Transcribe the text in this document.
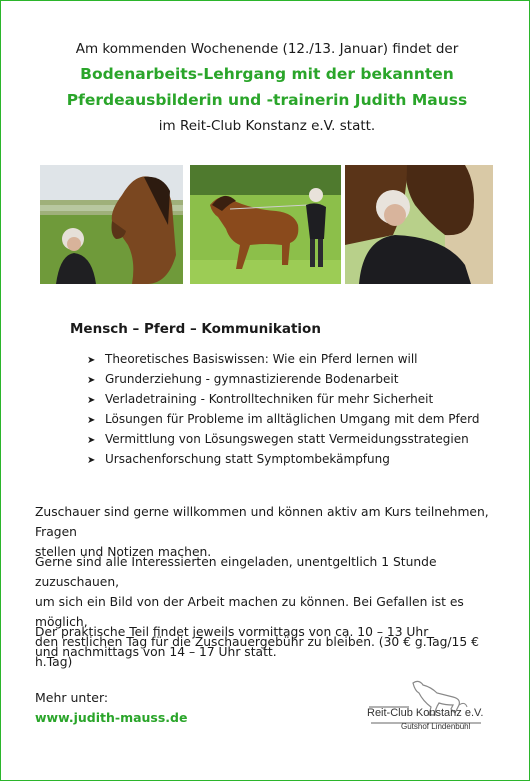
Am kommenden Wochenende (12./13. Januar) findet der
Bodenarbeits-Lehrgang mit der bekannten
Pferdeausbilderin und -trainerin Judith Mauss
im Reit-Club Konstanz e.V. statt.
Mensch – Pferd – Kommunikation
➤ Theoretisches Basiswissen: Wie ein Pferd lernen will
➤ Grunderziehung - gymnastizierende Bodenarbeit
➤ Verladetraining - Kontrolltechniken für mehr Sicherheit
➤ Lösungen für Probleme im alltäglichen Umgang mit dem Pferd
➤ Vermittlung von Lösungswegen statt Vermeidungsstrategien
➤ Ursachenforschung statt Symptombekämpfung
Zuschauer sind gerne willkommen und können aktiv am Kurs teilnehmen, Fragen
stellen und Notizen machen.
Gerne sind alle Interessierten eingeladen, unentgeltlich 1 Stunde zuzuschauen,
um sich ein Bild von der Arbeit machen zu können. Bei Gefallen ist es möglich,
den restlichen Tag für die Zuschauergebühr zu bleiben. (30 € g.Tag/15 € h.Tag)
Der praktische Teil findet jeweils vormittags von ca. 10 – 13 Uhr
und nachmittags von 14 – 17 Uhr statt.
Mehr unter:
www.judith-mauss.de	Reit-Club Konstanz e.V.
Gutshof Lindenbühl
